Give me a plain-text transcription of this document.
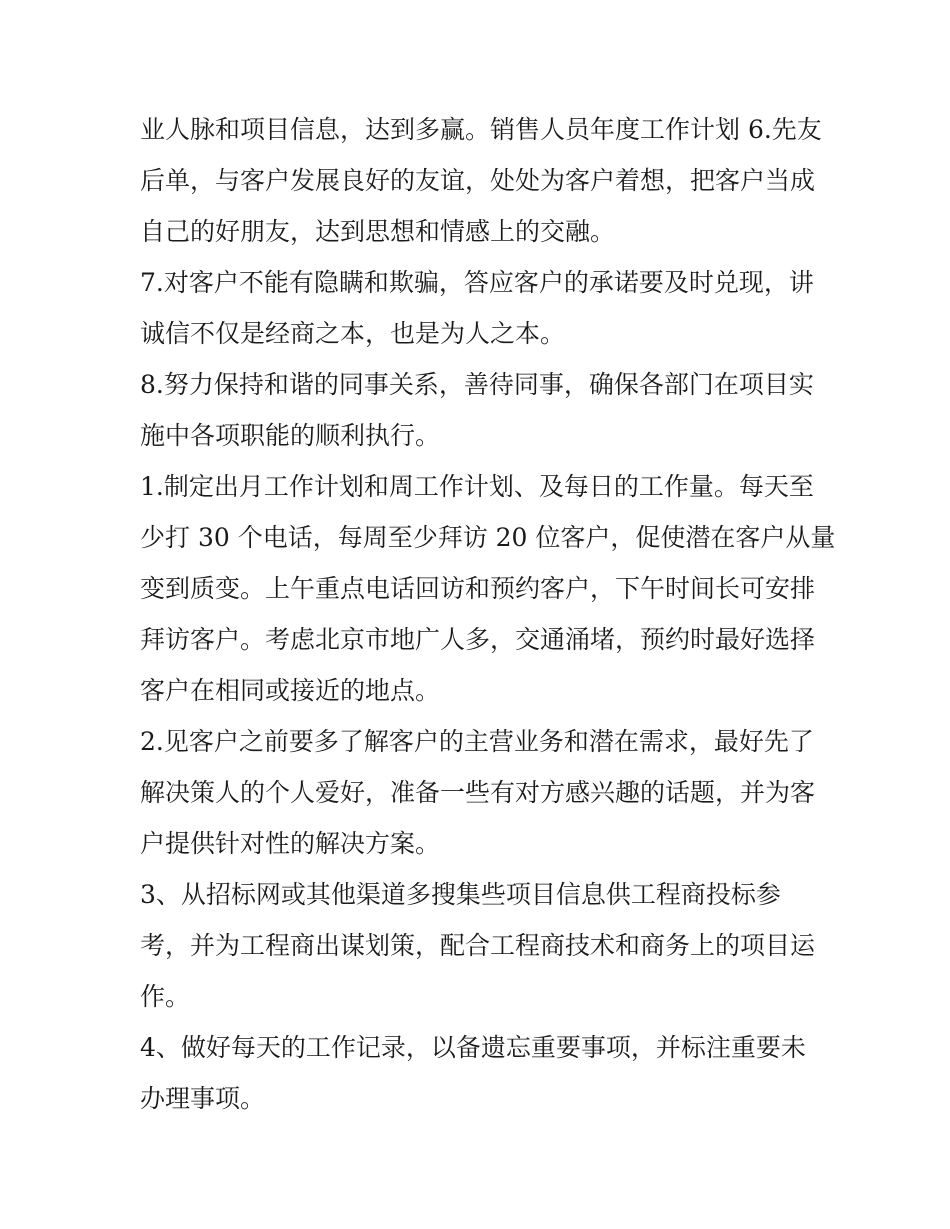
业人脉和项目信息，达到多赢。销售人员年度工作计划 6.先友
后单，与客户发展良好的友谊，处处为客户着想，把客户当成
自己的好朋友，达到思想和情感上的交融。
7.对客户不能有隐瞒和欺骗，答应客户的承诺要及时兑现，讲
诚信不仅是经商之本，也是为人之本。
8.努力保持和谐的同事关系，善待同事，确保各部门在项目实
施中各项职能的顺利执行。
1.制定出月工作计划和周工作计划、及每日的工作量。每天至
少打 30 个电话，每周至少拜访 20 位客户，促使潜在客户从量
变到质变。上午重点电话回访和预约客户，下午时间长可安排
拜访客户。考虑北京市地广人多，交通涌堵，预约时最好选择
客户在相同或接近的地点。
2.见客户之前要多了解客户的主营业务和潜在需求，最好先了
解决策人的个人爱好，准备一些有对方感兴趣的话题，并为客
户提供针对性的解决方案。
3、从招标网或其他渠道多搜集些项目信息供工程商投标参
考，并为工程商出谋划策，配合工程商技术和商务上的项目运
作。
4、做好每天的工作记录，以备遗忘重要事项，并标注重要未
办理事项。
